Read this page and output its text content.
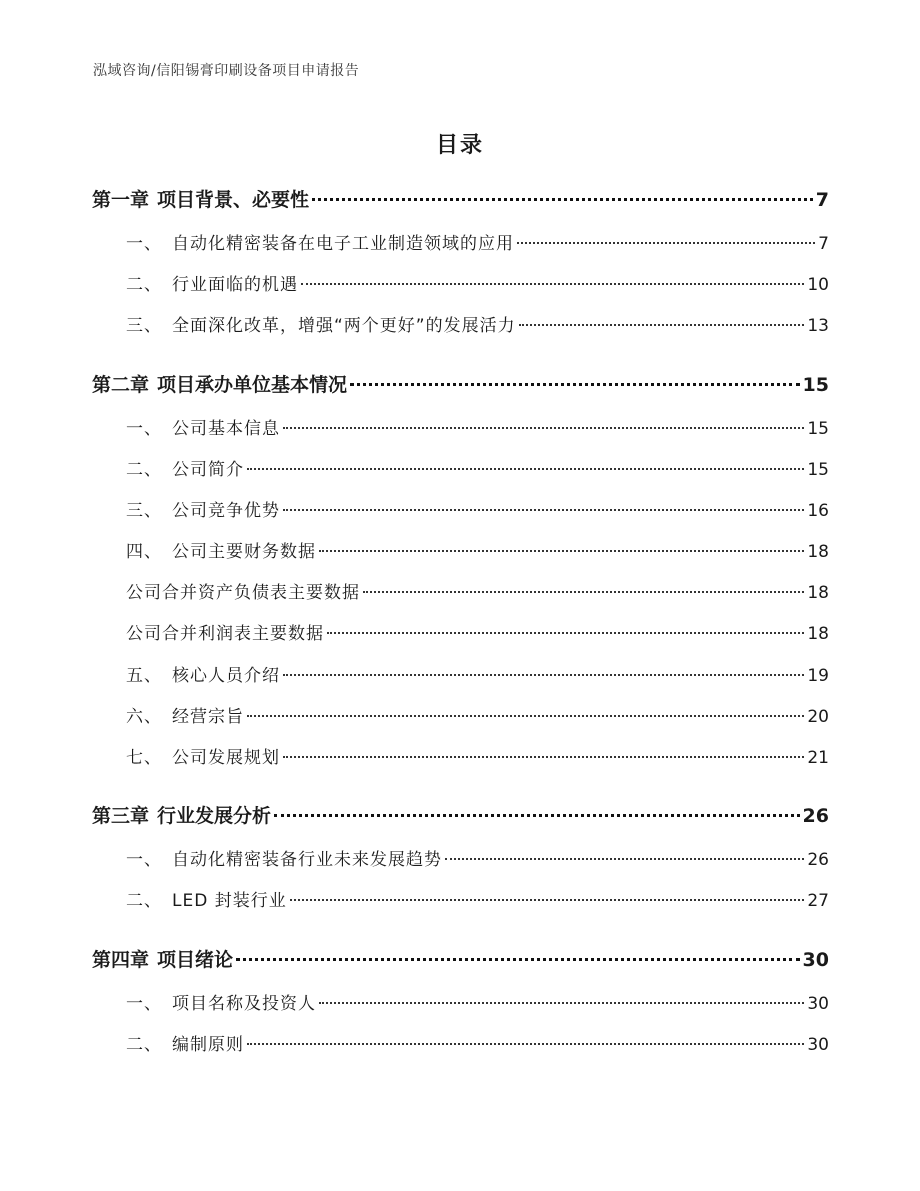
泓域咨询/信阳锡膏印刷设备项目申请报告
目录
第一章 项目背景、必要性	7
一、 自动化精密装备在电子工业制造领域的应用	7
二、 行业面临的机遇	10
三、 全面深化改革，增强“两个更好”的发展活力	13
第二章 项目承办单位基本情况	15
一、 公司基本信息	15
二、 公司简介	15
三、 公司竞争优势	16
四、 公司主要财务数据	18
公司合并资产负债表主要数据	18
公司合并利润表主要数据	18
五、 核心人员介绍	19
六、 经营宗旨	20
七、 公司发展规划	21
第三章 行业发展分析	26
一、 自动化精密装备行业未来发展趋势	26
二、 LED 封装行业	27
第四章 项目绪论	30
一、 项目名称及投资人	30
二、 编制原则	30
